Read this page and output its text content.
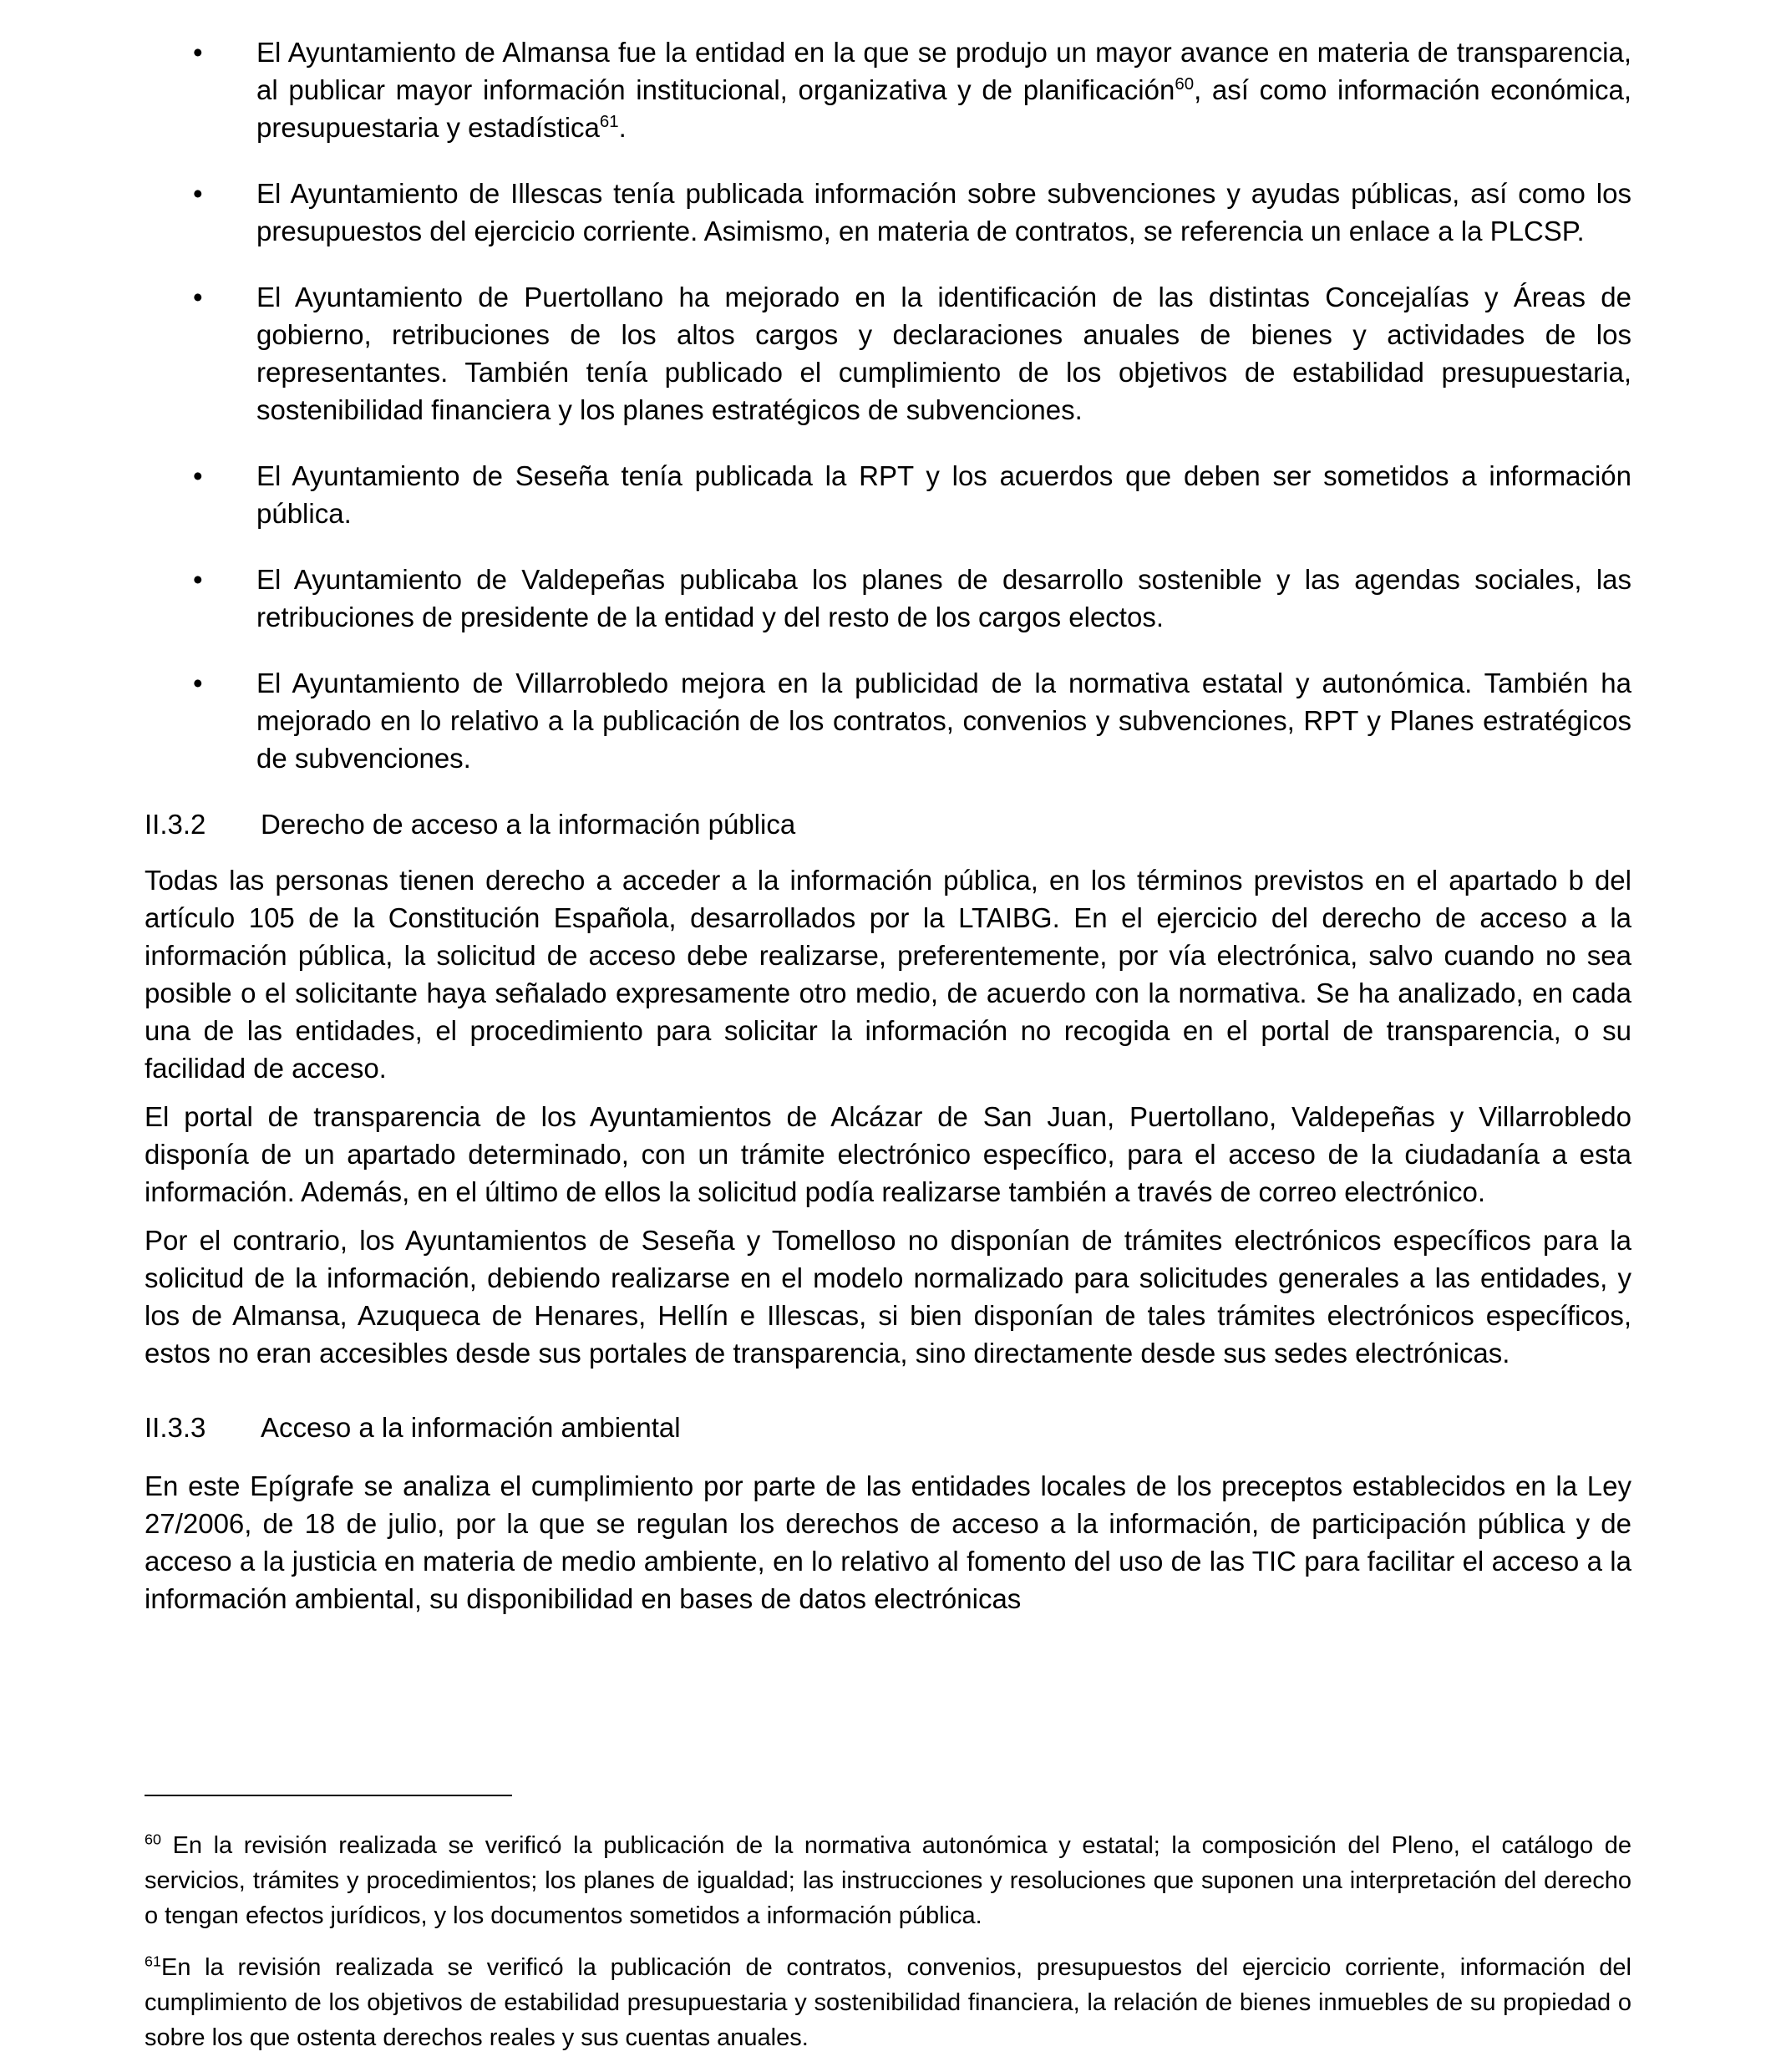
• El Ayuntamiento de Almansa fue la entidad en la que se produjo un mayor avance en materia de transparencia, al publicar mayor información institucional, organizativa y de planificación$^{60}$, así como información económica, presupuestaria y estadística$^{61}$.
• El Ayuntamiento de Illescas tenía publicada información sobre subvenciones y ayudas públicas, así como los presupuestos del ejercicio corriente. Asimismo, en materia de contratos, se referencia un enlace a la PLCSP.
• El Ayuntamiento de Puertollano ha mejorado en la identificación de las distintas Concejalías y Áreas de gobierno, retribuciones de los altos cargos y declaraciones anuales de bienes y actividades de los representantes. También tenía publicado el cumplimiento de los objetivos de estabilidad presupuestaria, sostenibilidad financiera y los planes estratégicos de subvenciones.
• El Ayuntamiento de Seseña tenía publicada la RPT y los acuerdos que deben ser sometidos a información pública.
• El Ayuntamiento de Valdepeñas publicaba los planes de desarrollo sostenible y las agendas sociales, las retribuciones de presidente de la entidad y del resto de los cargos electos.
• El Ayuntamiento de Villarrobledo mejora en la publicidad de la normativa estatal y autonómica. También ha mejorado en lo relativo a la publicación de los contratos, convenios y subvenciones, RPT y Planes estratégicos de subvenciones.
II.3.2	Derecho de acceso a la información pública

Todas las personas tienen derecho a acceder a la información pública, en los términos previstos en el apartado b del artículo 105 de la Constitución Española, desarrollados por la LTAIBG. En el ejercicio del derecho de acceso a la información pública, la solicitud de acceso debe realizarse, preferentemente, por vía electrónica, salvo cuando no sea posible o el solicitante haya señalado expresamente otro medio, de acuerdo con la normativa. Se ha analizado, en cada una de las entidades, el procedimiento para solicitar la información no recogida en el portal de transparencia, o su facilidad de acceso.

El portal de transparencia de los Ayuntamientos de Alcázar de San Juan, Puertollano, Valdepeñas y Villarrobledo disponía de un apartado determinado, con un trámite electrónico específico, para el acceso de la ciudadanía a esta información. Además, en el último de ellos la solicitud podía realizarse también a través de correo electrónico.

Por el contrario, los Ayuntamientos de Seseña y Tomelloso no disponían de trámites electrónicos específicos para la solicitud de la información, debiendo realizarse en el modelo normalizado para solicitudes generales a las entidades, y los de Almansa, Azuqueca de Henares, Hellín e Illescas, si bien disponían de tales trámites electrónicos específicos, estos no eran accesibles desde sus portales de transparencia, sino directamente desde sus sedes electrónicas.

II.3.3	Acceso a la información ambiental

En este Epígrafe se analiza el cumplimiento por parte de las entidades locales de los preceptos establecidos en la Ley 27/2006, de 18 de julio, por la que se regulan los derechos de acceso a la información, de participación pública y de acceso a la justicia en materia de medio ambiente, en lo relativo al fomento del uso de las TIC para facilitar el acceso a la información ambiental, su disponibilidad en bases de datos electrónicas

$^{60}$ En la revisión realizada se verificó la publicación de la normativa autonómica y estatal; la composición del Pleno, el catálogo de servicios, trámites y procedimientos; los planes de igualdad; las instrucciones y resoluciones que suponen una interpretación del derecho o tengan efectos jurídicos, y los documentos sometidos a información pública.

$^{61}$En la revisión realizada se verificó la publicación de contratos, convenios, presupuestos del ejercicio corriente, información del cumplimiento de los objetivos de estabilidad presupuestaria y sostenibilidad financiera, la relación de bienes inmuebles de su propiedad o sobre los que ostenta derechos reales y sus cuentas anuales.
